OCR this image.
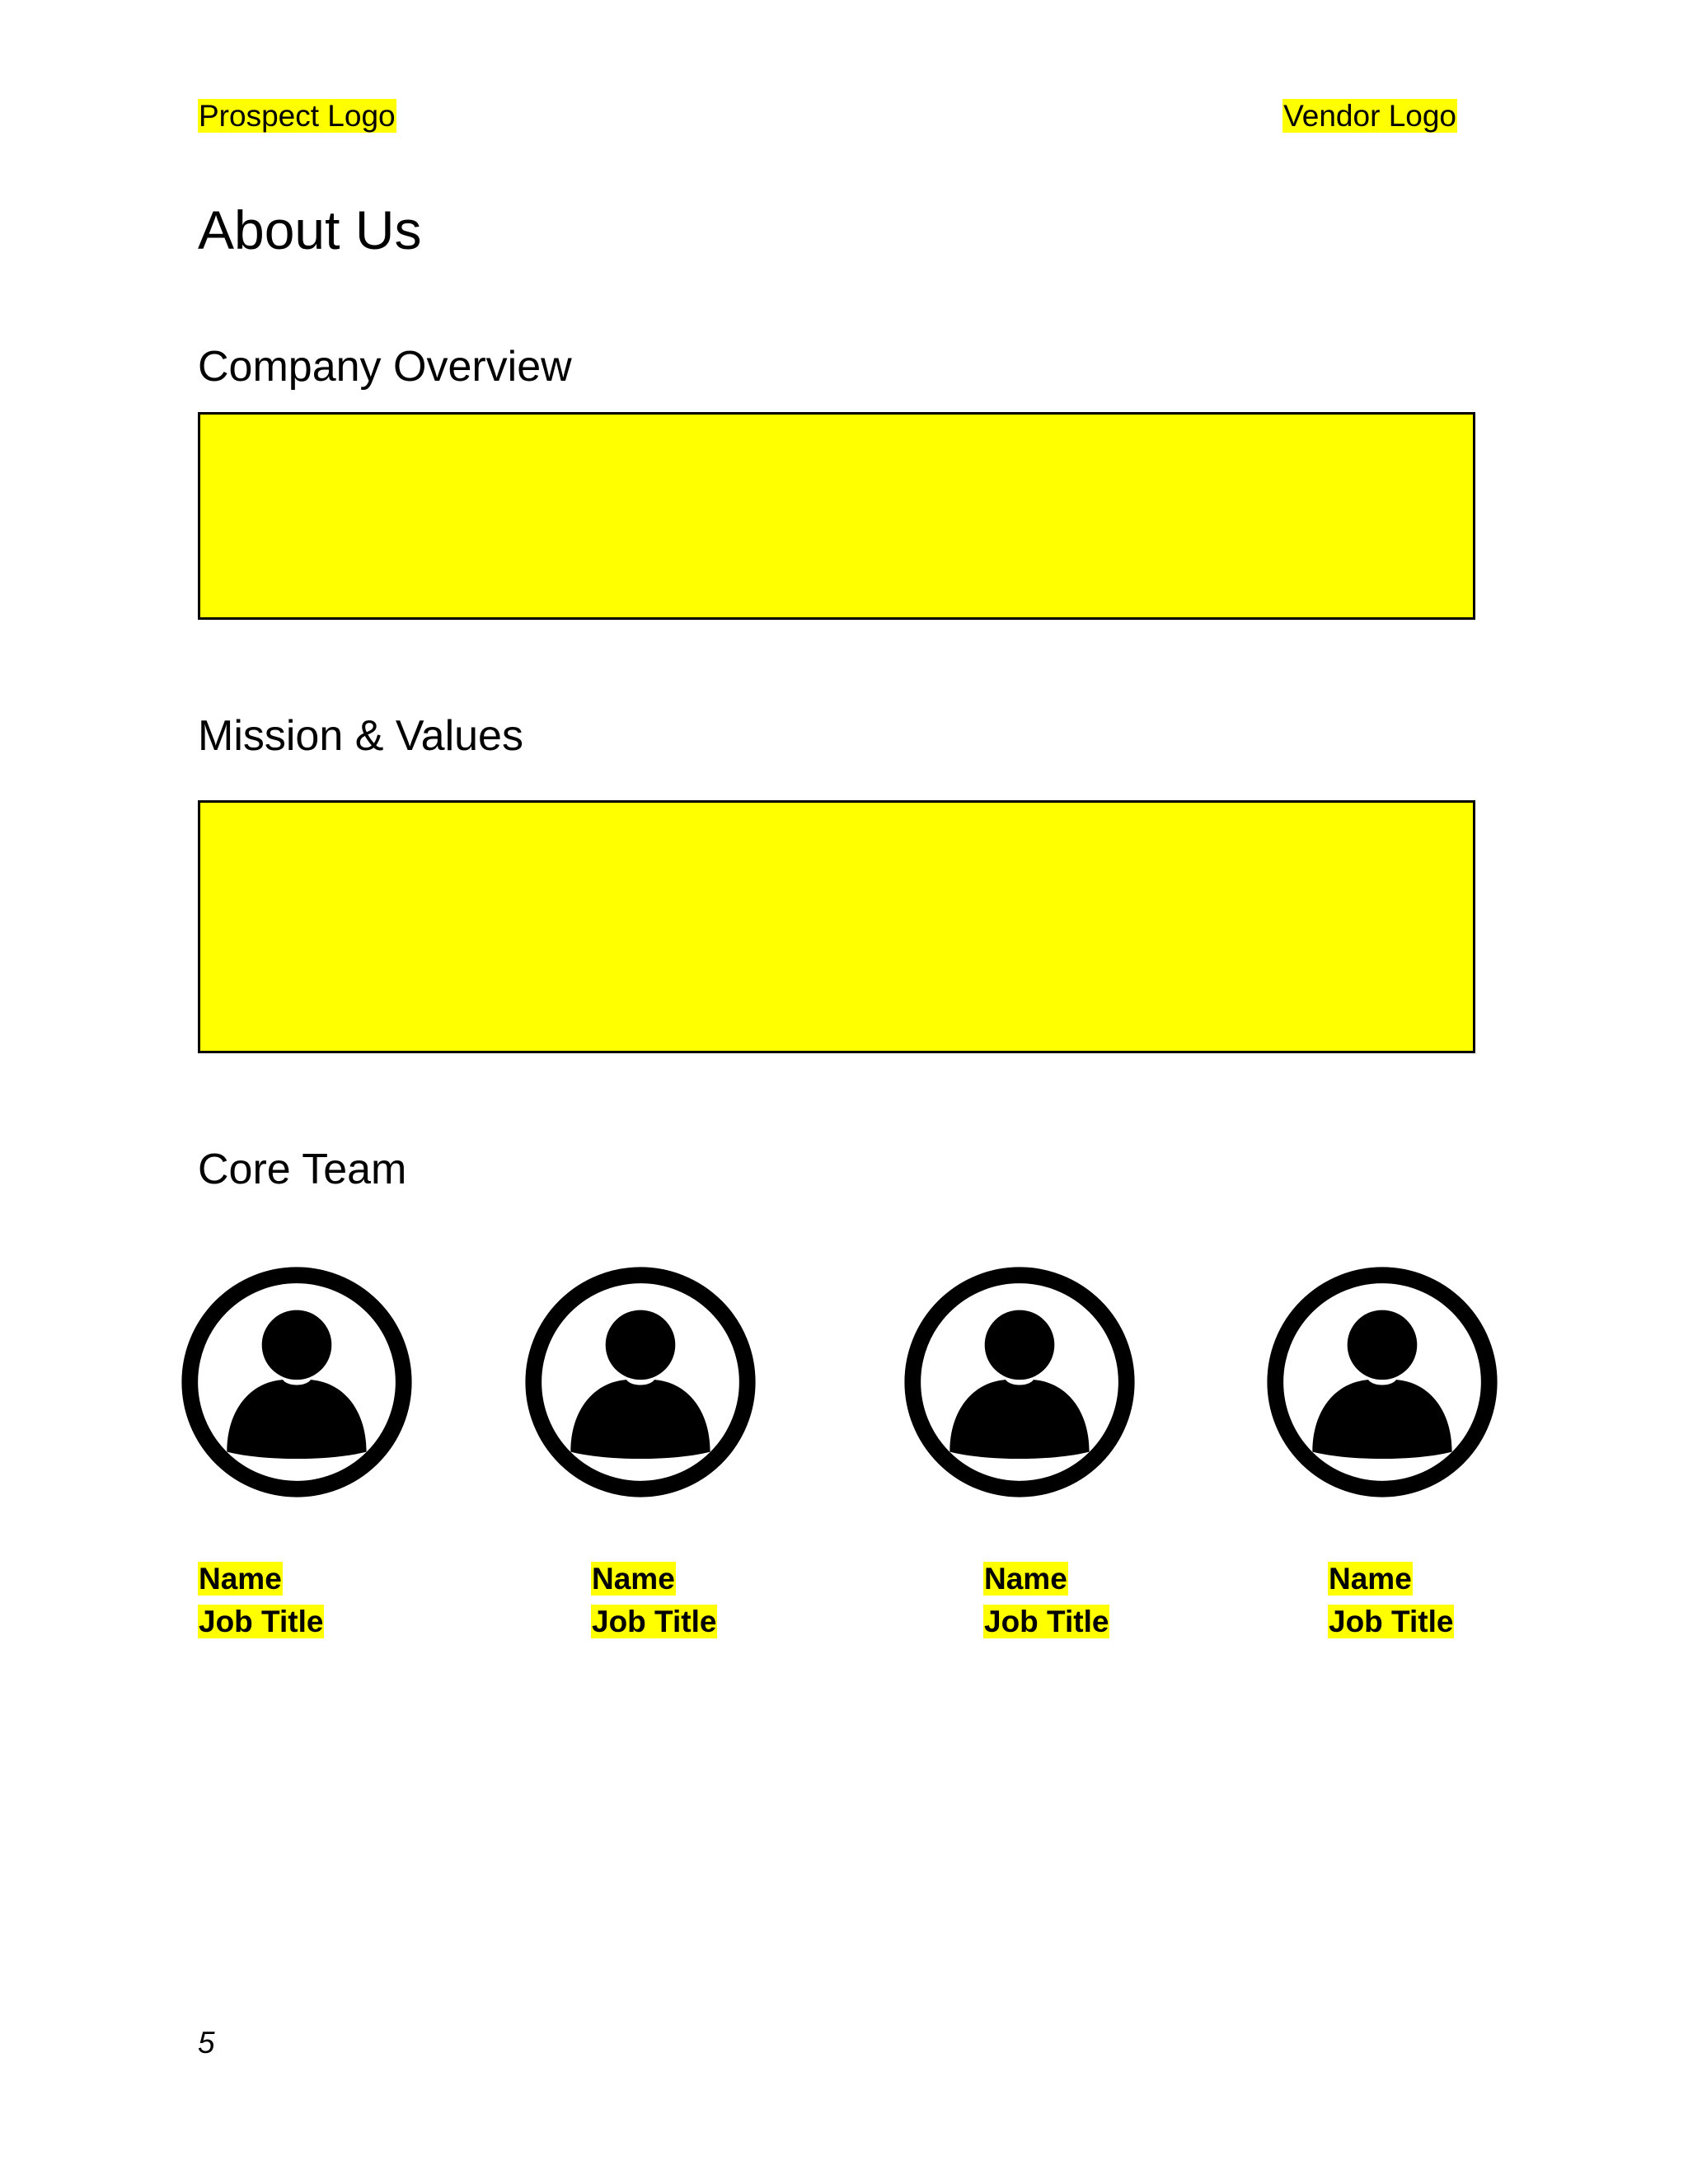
Prospect Logo	Vendor Logo
About Us
Company Overview
Mission & Values
Core Team
Name
Job Title
Name
Job Title
Name
Job Title
Name
Job Title
5
